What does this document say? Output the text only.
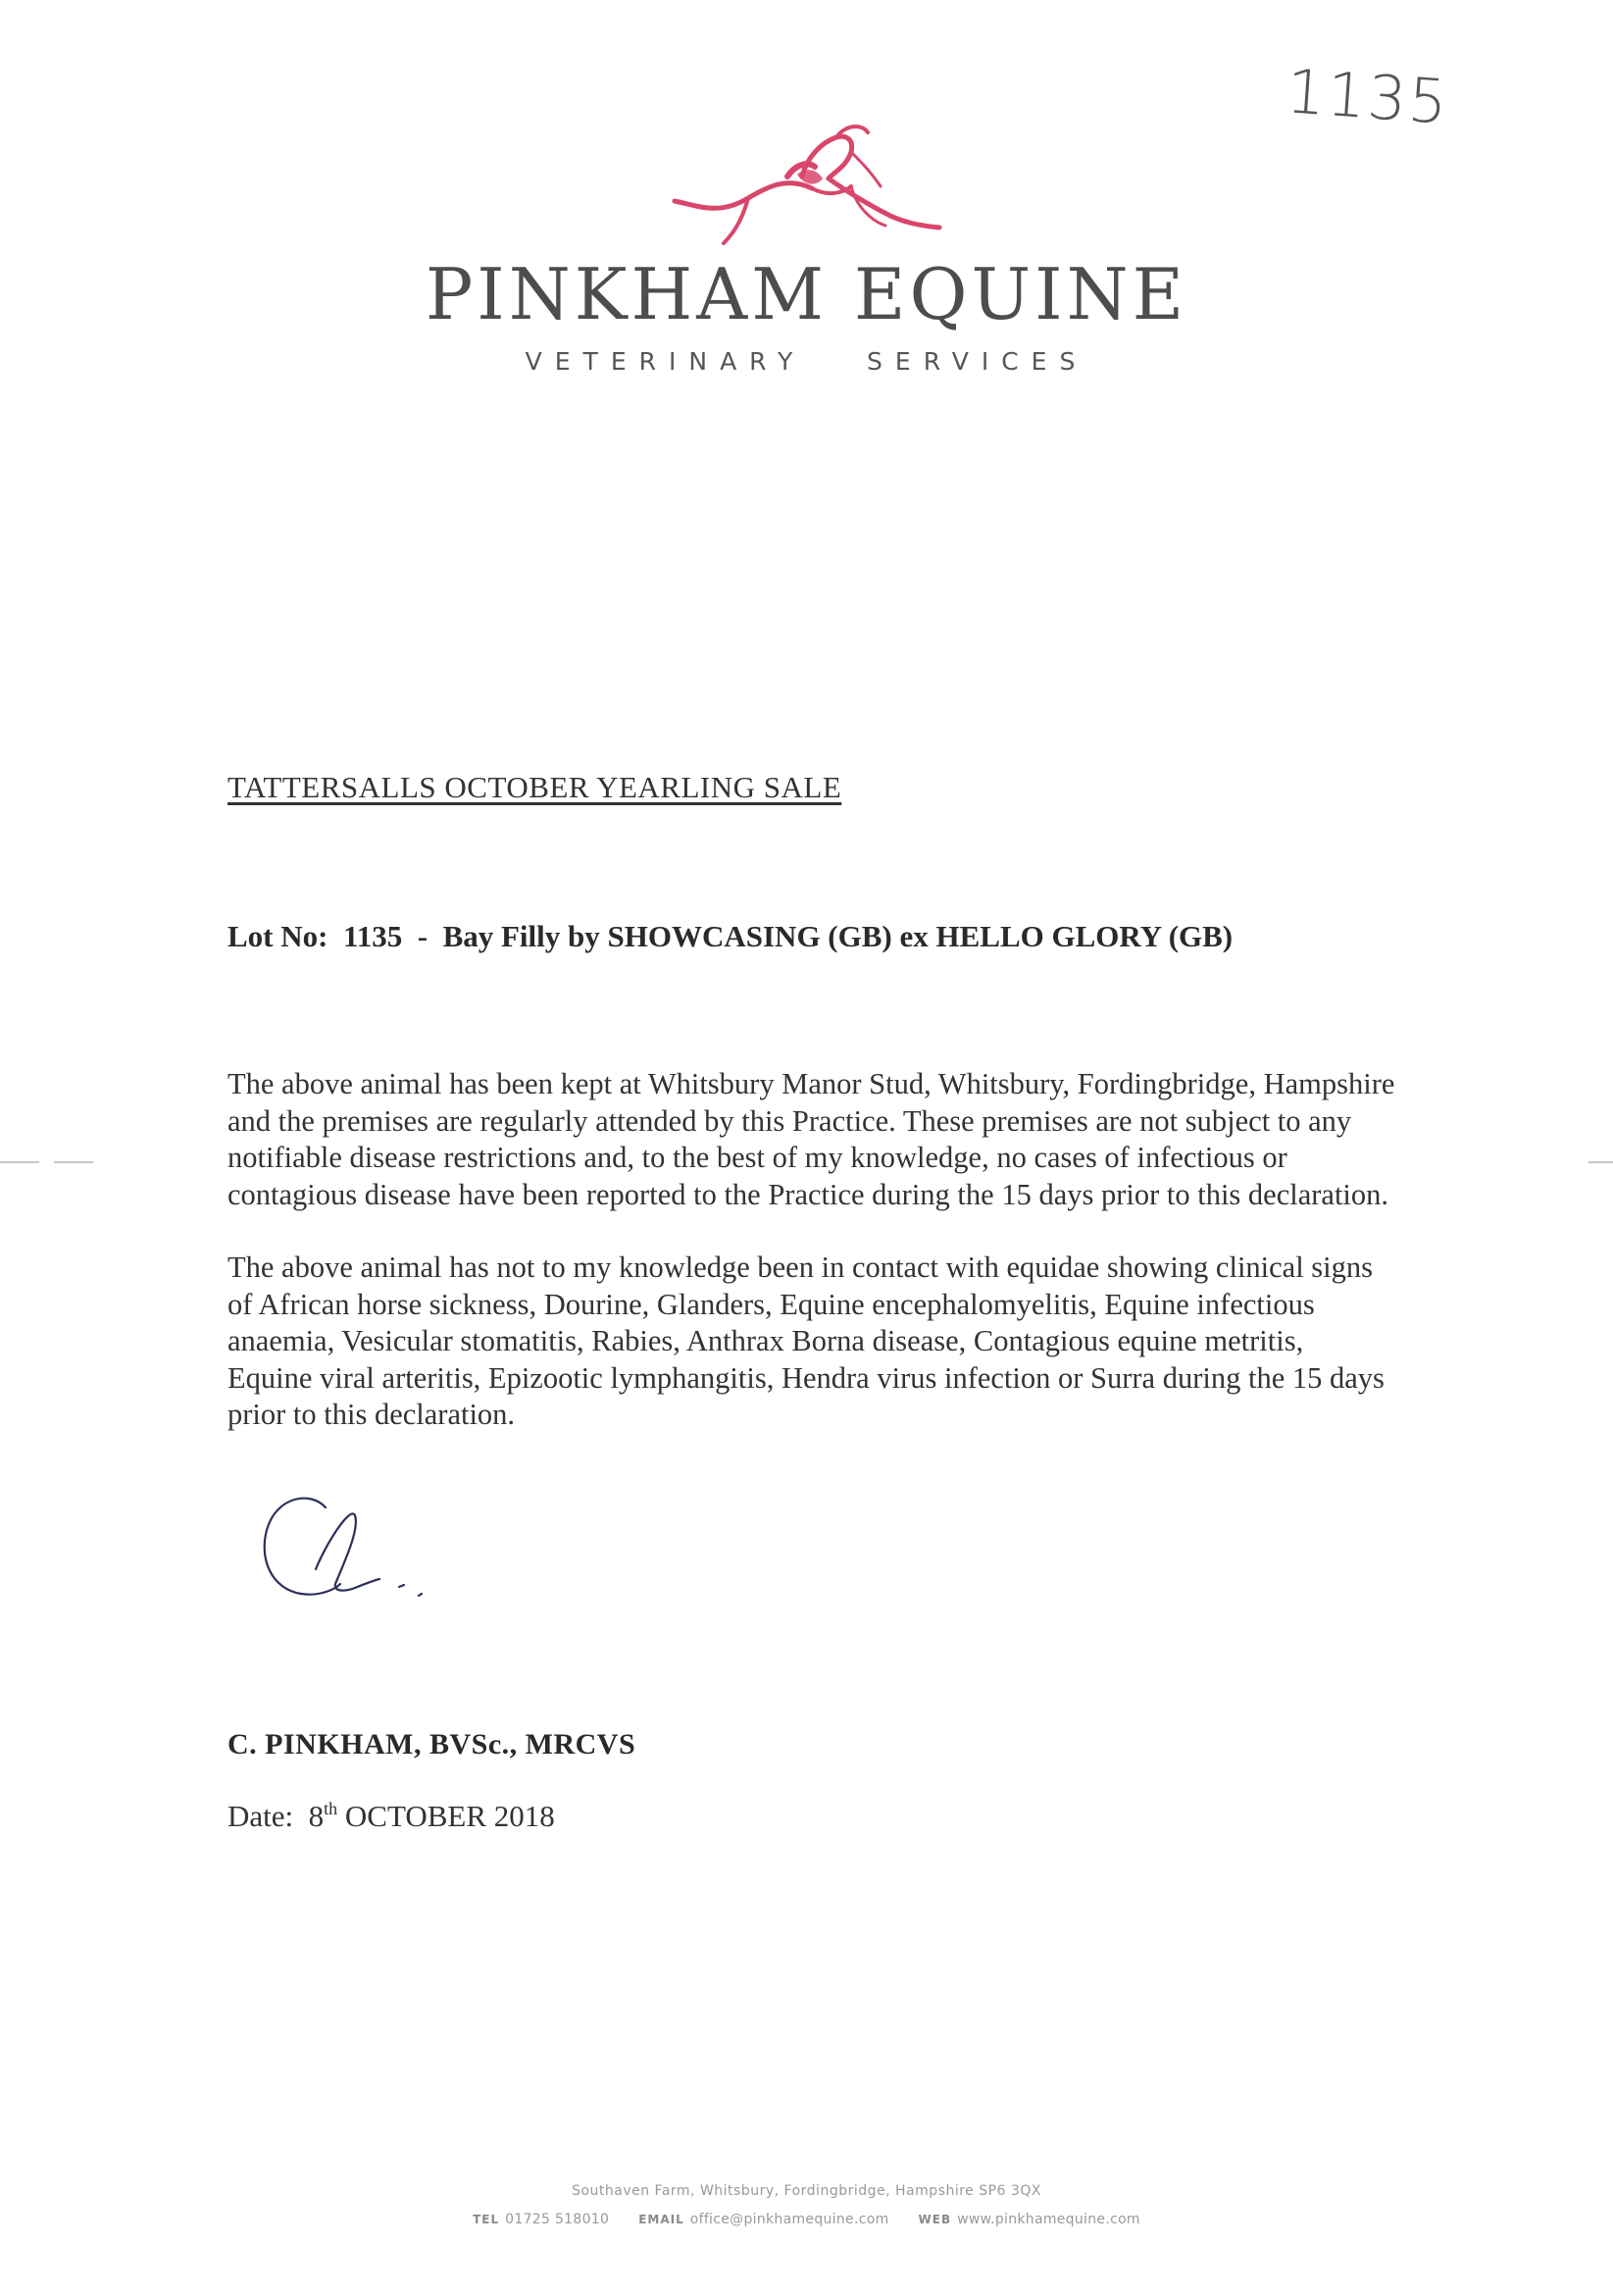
1135
PINKHAM EQUINE
VETERINARY   SERVICES
TATTERSALLS OCTOBER YEARLING SALE
Lot No:  1135  -  Bay Filly by SHOWCASING (GB) ex HELLO GLORY (GB)
The above animal has been kept at Whitsbury Manor Stud, Whitsbury, Fordingbridge, Hampshire
and the premises are regularly attended by this Practice. These premises are not subject to any
notifiable disease restrictions and, to the best of my knowledge, no cases of infectious or
contagious disease have been reported to the Practice during the 15 days prior to this declaration.
The above animal has not to my knowledge been in contact with equidae showing clinical signs
of African horse sickness, Dourine, Glanders, Equine encephalomyelitis, Equine infectious
anaemia, Vesicular stomatitis, Rabies, Anthrax Borna disease, Contagious equine metritis,
Equine viral arteritis, Epizootic lymphangitis, Hendra virus infection or Surra during the 15 days
prior to this declaration.
C. PINKHAM, BVSc., MRCVS
Date: 8th OCTOBER 2018
Southaven Farm, Whitsbury, Fordingbridge, Hampshire SP6 3QX
TEL 01725 518010	EMAIL office@pinkhamequine.com	WEB www.pinkhamequine.com
